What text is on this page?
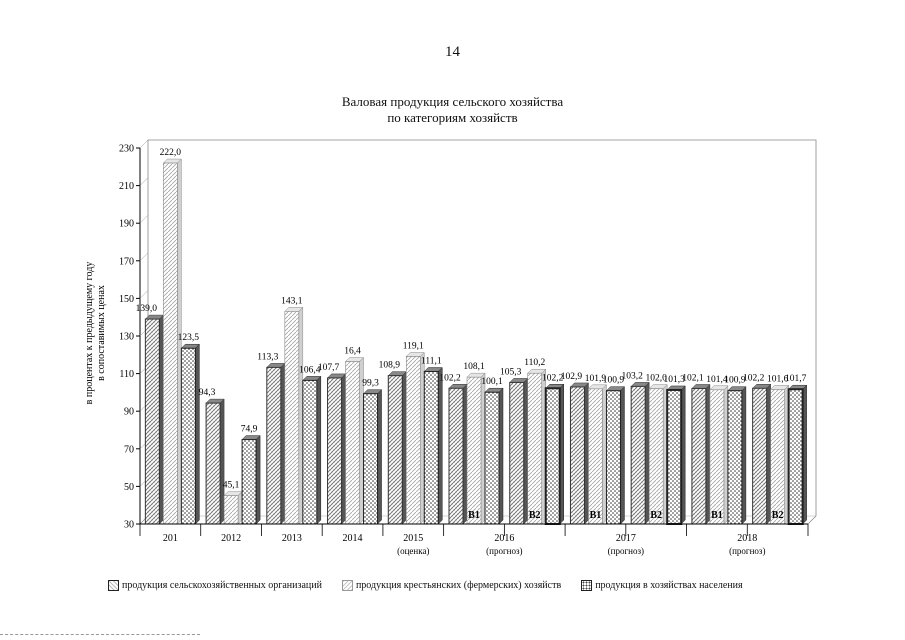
14
Валовая продукция сельского хозяйства
по категориям хозяйств
30
50
70
90
110
130
150
170
190
210
230
139,0
222,0
123,5
94,3
45,1
74,9
113,3
143,1
106,4
107,7
16,4
99,3
108,9
119,1
111,1
102,2
108,1
100,1
В1
105,3
110,2
102,2
В2
102,9 101,9
100,9
В1
103,2 102,0
101,3
В2
102,1 101,4
100,9
В1
102,2 101,6
101,7
В2
201	2012	2013	2014	2015
(оценка)
2016
(прогноз)
2017
(прогноз)
2018
(прогноз)
в процентах к предыдущему году в сопоставимых ценах
продукция сельскохозяйственных организаций	продукция крестьянских (фермерских) хозяйств	продукция в хозяйствах населения
